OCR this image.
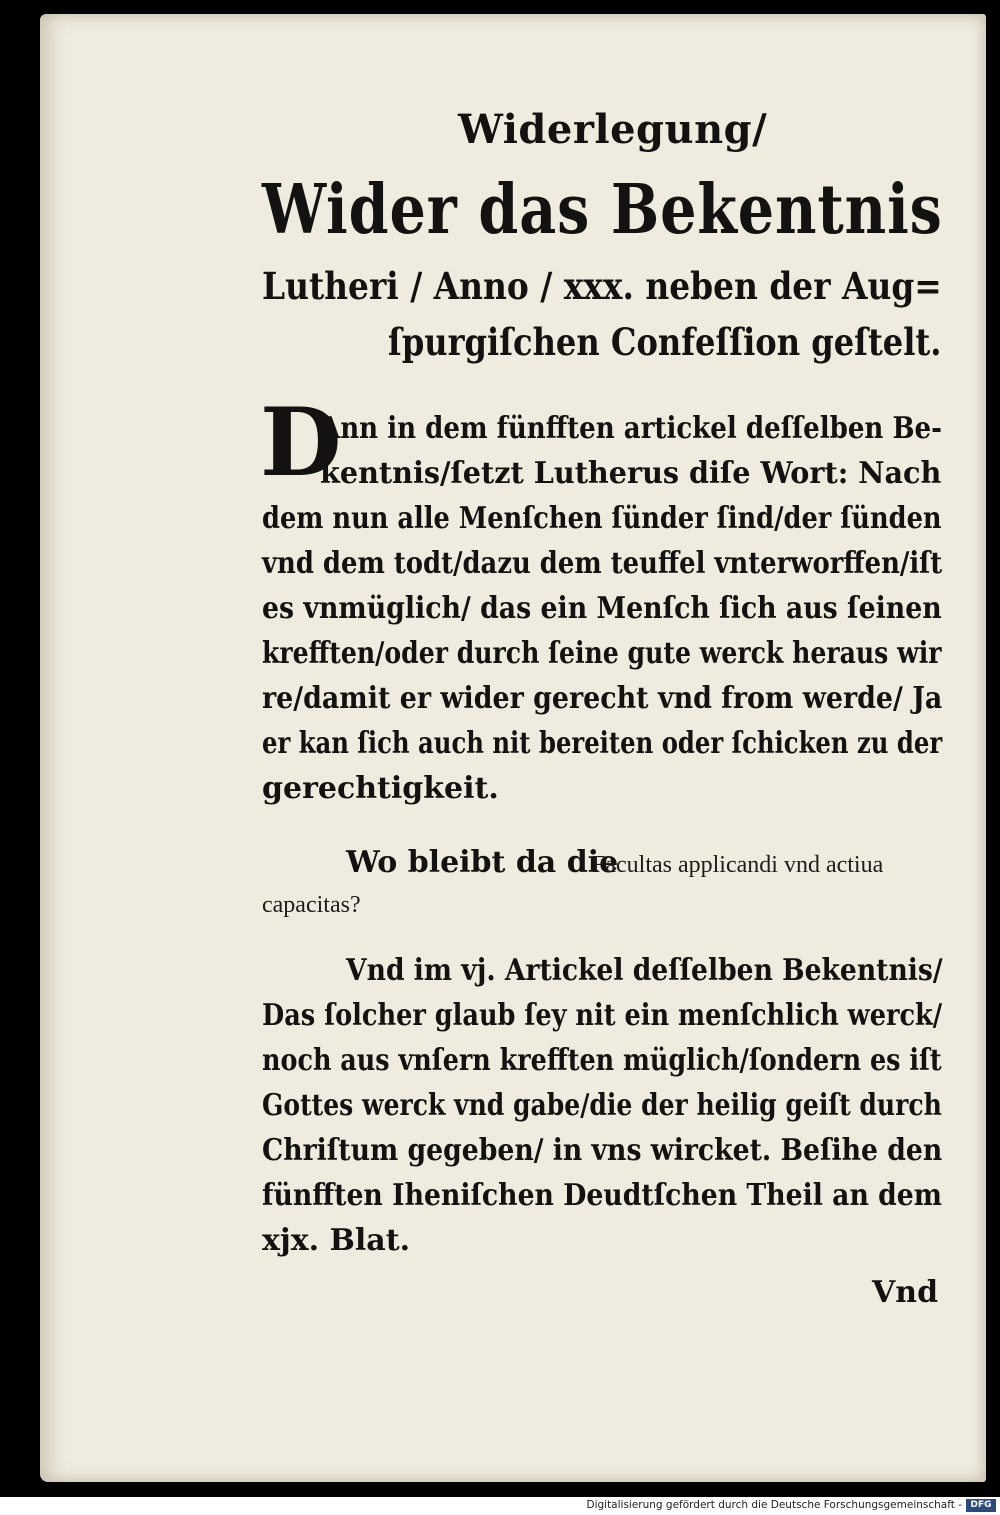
Widerlegung/
Wider das Bekentnis
Lutheri / Anno / xxx. neben der Aug=
ſpurgiſchen Confeſſion geſtelt.
D
Ann in dem fünfften artickel deſſelben Be-
kentnis/ſetzt Lutherus diſe Wort: Nach
dem nun alle Menſchen ſünder ſind/der ſünden
vnd dem todt/dazu dem teuffel vnterworffen/iſt
es vnmüglich/ das ein Menſch ſich aus ſeinen
krefften/oder durch ſeine gute werck heraus wir
re/damit er wider gerecht vnd from werde/ Ja
er kan ſich auch nit bereiten oder ſchicken zu der
gerechtigkeit.
Wo bleibt da die
Facultas applicandi vnd actiua
capacitas?
Vnd im vj. Artickel deſſelben Bekentnis/
Das ſolcher glaub ſey nit ein menſchlich werck/
noch aus vnſern krefften müglich/ſondern es iſt
Gottes werck vnd gabe/die der heilig geiſt durch
Chriſtum gegeben/ in vns wircket. Beſihe den
fünfften Iheniſchen Deudtſchen Theil an dem
xjx. Blat.
Vnd
Digitalisierung gefördert durch die Deutsche Forschungsgemeinschaft - DFG
